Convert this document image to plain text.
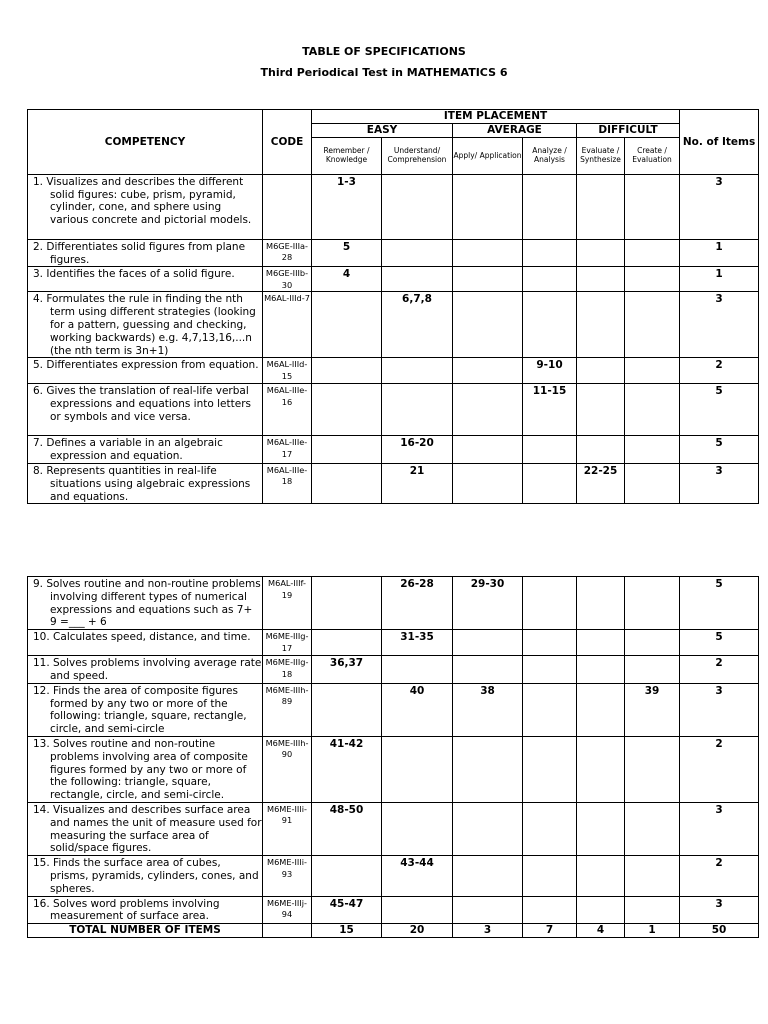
TABLE OF SPECIFICATIONS
Third Periodical Test in MATHEMATICS 6
COMPETENCY	CODE	ITEM PLACEMENT						No. of Items
		EASY		AVERAGE		DIFFICULT		
		Remember / Knowledge	Understand/ Comprehension	Apply/ Application	Analyze / Analysis	Evaluate / Synthesize	Create / Evaluation	
1. Visualizes and describes the different solid figures: cube, prism, pyramid, cylinder, cone, and sphere using various concrete and pictorial models.		1-3						3
2. Differentiates solid figures from plane figures.	M6GE-IIIa-28	5						1
3. Identifies the faces of a solid figure.	M6GE-IIIb-30	4						1
4. Formulates the rule in finding the nth term using different strategies (looking for a pattern, guessing and checking, working backwards) e.g. 4,7,13,16,...n (the nth term is 3n+1)	M6AL-IIId-7		6,7,8					3
5. Differentiates expression from equation.	M6AL-IIId-15				9-10			2
6. Gives the translation of real-life verbal expressions and equations into letters or symbols and vice versa.	M6AL-IIIe-16				11-15			5
7. Defines a variable in an algebraic expression and equation.	M6AL-IIIe-17		16-20					5
8. Represents quantities in real-life situations using algebraic expressions and equations.	M6AL-IIIe-18		21			22-25		3
9. Solves routine and non-routine problems involving different types of numerical expressions and equations such as 7+ 9 =___ + 6	M6AL-IIIf-19		26-28	29-30				5
10. Calculates speed, distance, and time.	M6ME-IIIg-17		31-35					5
11. Solves problems involving average rate and speed.	M6ME-IIIg-18	36,37						2
12. Finds the area of composite figures formed by any two or more of the following: triangle, square, rectangle, circle, and semi-circle	M6ME-IIIh-89		40	38			39	3
13. Solves routine and non-routine problems involving area of composite figures formed by any two or more of the following: triangle, square, rectangle, circle, and semi-circle.	M6ME-IIIh-90	41-42						2
14. Visualizes and describes surface area and names the unit of measure used for measuring the surface area of solid/space figures.	M6ME-IIIi-91	48-50						3
15. Finds the surface area of cubes, prisms, pyramids, cylinders, cones, and spheres.	M6ME-IIIi-93		43-44					2
16. Solves word problems involving measurement of surface area.	M6ME-IIIj-94	45-47						3
TOTAL NUMBER OF ITEMS		15	20	3	7	4	1	50
